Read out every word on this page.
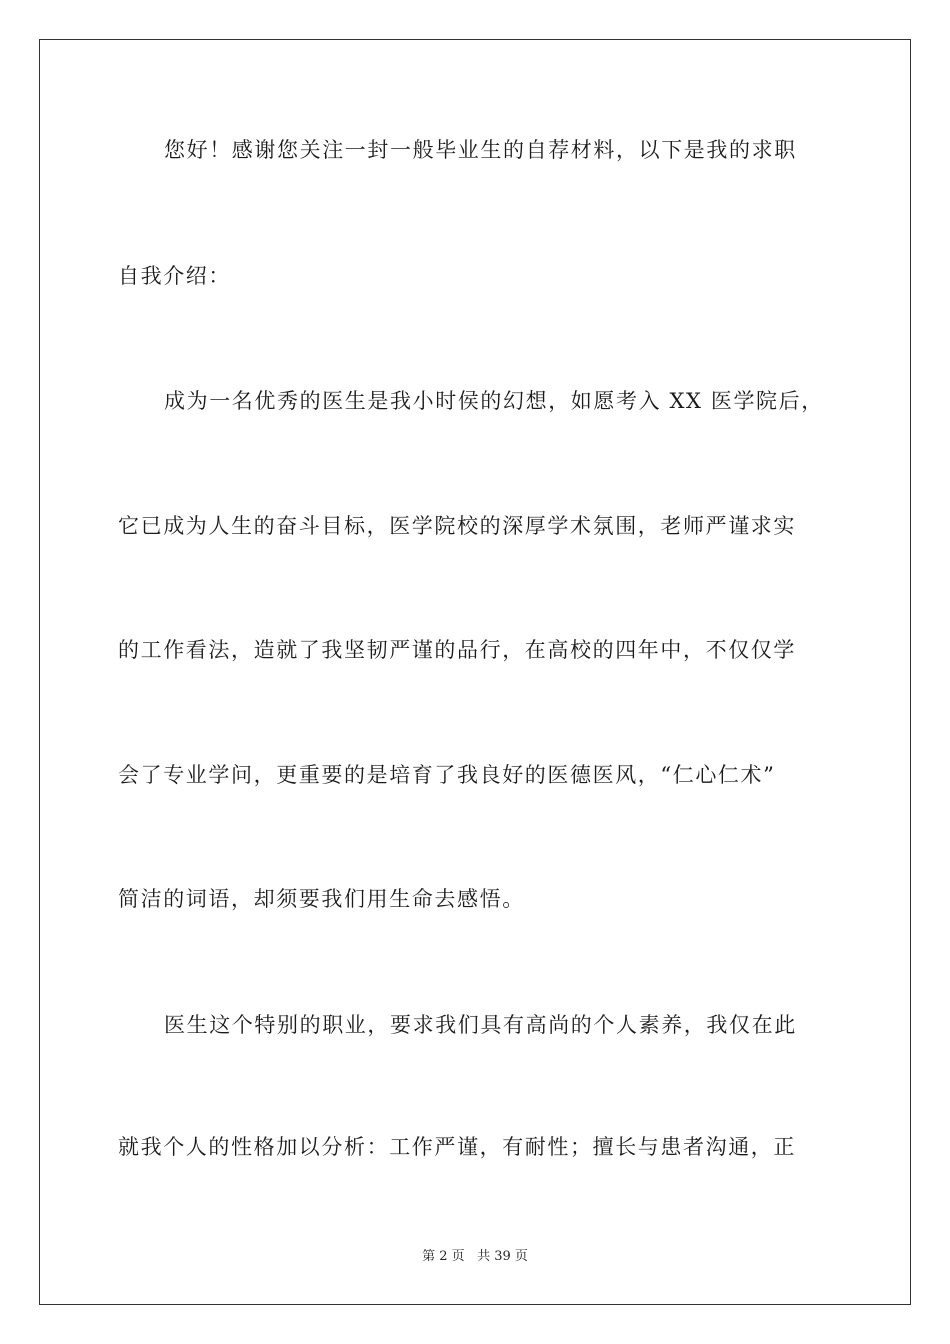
您好！感谢您关注一封一般毕业生的自荐材料，以下是我的求职
自我介绍：
成为一名优秀的医生是我小时侯的幻想，如愿考入 XX 医学院后，
它已成为人生的奋斗目标，医学院校的深厚学术氛围，老师严谨求实
的工作看法，造就了我坚韧严谨的品行，在高校的四年中，不仅仅学
会了专业学问，更重要的是培育了我良好的医德医风，“仁心仁术”
简洁的词语，却须要我们用生命去感悟。
医生这个特别的职业，要求我们具有高尚的个人素养，我仅在此
就我个人的性格加以分析：工作严谨，有耐性；擅长与患者沟通，正
第 2 页 共 39 页
